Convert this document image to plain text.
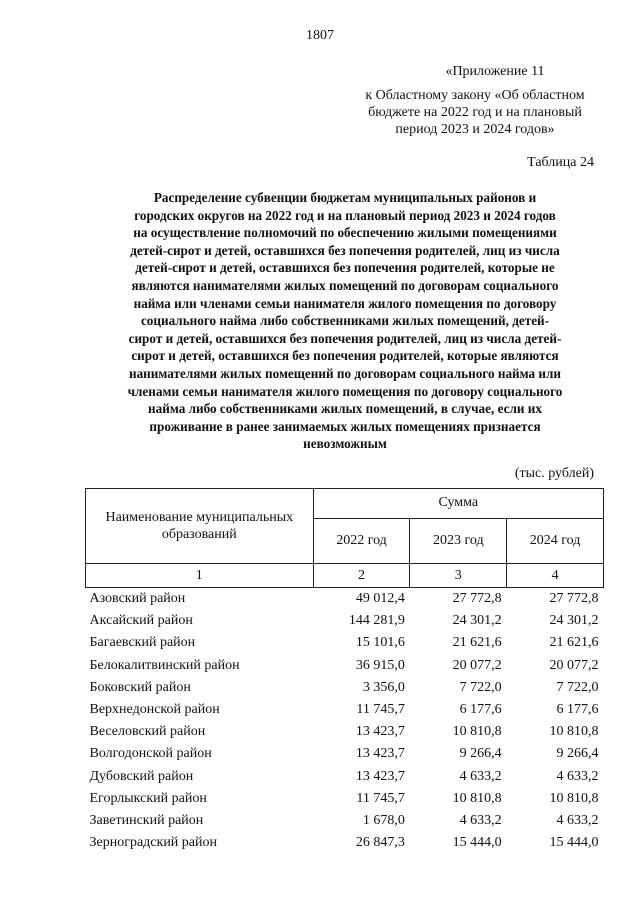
1807
«Приложение 11
к Областному закону «Об областном
бюджете на 2022 год и на плановый
период 2023 и 2024 годов»
Таблица 24
Распределение субвенции бюджетам муниципальных районов и
городских округов на 2022 год и на плановый период 2023 и 2024 годов
на осуществление полномочий по обеспечению жилыми помещениями
детей-сирот и детей, оставшихся без попечения родителей, лиц из числа
детей-сирот и детей, оставшихся без попечения родителей, которые не
являются нанимателями жилых помещений по договорам социального
найма или членами семьи нанимателя жилого помещения по договору
социального найма либо собственниками жилых помещений, детей-
сирот и детей, оставшихся без попечения родителей, лиц из числа детей-
сирот и детей, оставшихся без попечения родителей, которые являются
нанимателями жилых помещений по договорам социального найма или
членами семьи нанимателя жилого помещения по договору социального
найма либо собственниками жилых помещений, в случае, если их
проживание в ранее занимаемых жилых помещениях признается
невозможным
(тыс. рублей)
Наименование муниципальных образований	Сумма		
	2022 год	2023 год	2024 год
1	2	3	4
Азовский район	49 012,4	27 772,8	27 772,8
Аксайский район	144 281,9	24 301,2	24 301,2
Багаевский район	15 101,6	21 621,6	21 621,6
Белокалитвинский район	36 915,0	20 077,2	20 077,2
Боковский район	3 356,0	7 722,0	7 722,0
Верхнедонской район	11 745,7	6 177,6	6 177,6
Веселовский район	13 423,7	10 810,8	10 810,8
Волгодонской район	13 423,7	9 266,4	9 266,4
Дубовский район	13 423,7	4 633,2	4 633,2
Егорлыкский район	11 745,7	10 810,8	10 810,8
Заветинский район	1 678,0	4 633,2	4 633,2
Зерноградский район	26 847,3	15 444,0	15 444,0
